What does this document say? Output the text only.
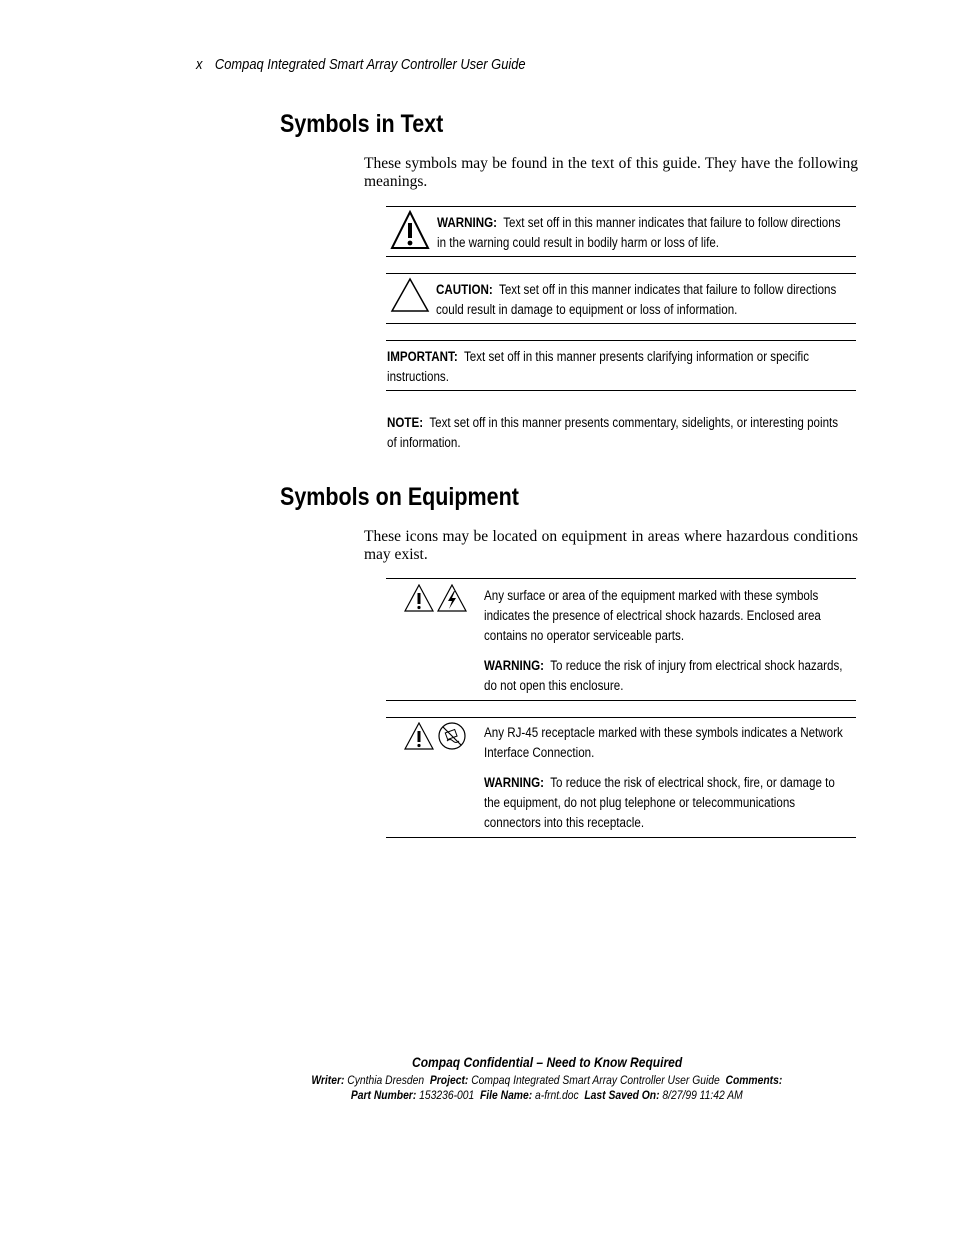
x Compaq Integrated Smart Array Controller User Guide
Symbols in Text
These symbols may be found in the text of this guide. They have the following meanings.
WARNING: Text set off in this manner indicates that failure to follow directions
in the warning could result in bodily harm or loss of life.
CAUTION: Text set off in this manner indicates that failure to follow directions
could result in damage to equipment or loss of information.
IMPORTANT: Text set off in this manner presents clarifying information or specific
instructions.
NOTE: Text set off in this manner presents commentary, sidelights, or interesting points
of information.
Symbols on Equipment
These icons may be located on equipment in areas where hazardous conditions may exist.
Any surface or area of the equipment marked with these symbols
indicates the presence of electrical shock hazards. Enclosed area
contains no operator serviceable parts.
WARNING: To reduce the risk of injury from electrical shock hazards,
do not open this enclosure.
Any RJ-45 receptacle marked with these symbols indicates a Network
Interface Connection.
WARNING: To reduce the risk of electrical shock, fire, or damage to
the equipment, do not plug telephone or telecommunications
connectors into this receptacle.
Compaq Confidential – Need to Know Required
Writer: Cynthia Dresden Project: Compaq Integrated Smart Array Controller User Guide Comments:
Part Number: 153236-001 File Name: a-frnt.doc Last Saved On: 8/27/99 11:42 AM
